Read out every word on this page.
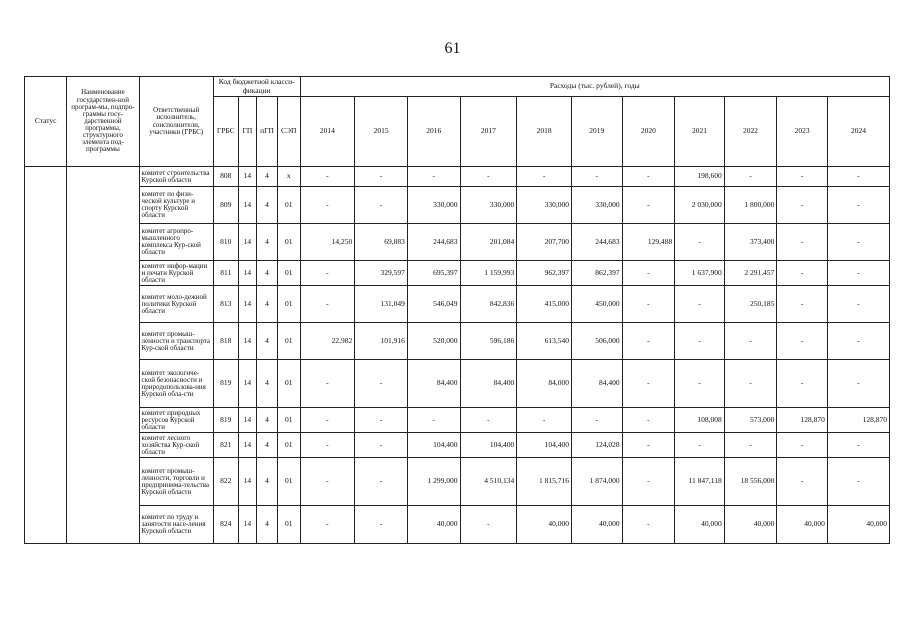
61
Статус	Наименование государствен-ной програм-мы, подпро-граммы госу-дарственной программы, структурного элемента под-программы	Ответственный исполнитель, соисполнители, участники (ГРБС)	Код бюджетной класси-фикации				Расходы (тыс. рублей), годы										
			ГРБС	ГП	пГП	СЭП	2014	2015	2016	2017	2018	2019	2020	2021	2022	2023	2024
		комитет строительства Курской области	808	14	4	х	-	-	-	-	-	-	-	198,600	-	-	-
		комитет по физи-ческой культуре и спорту Курской области	809	14	4	01	-	-	330,000	330,000	330,000	330,000	-	2 030,000	1 800,000	-	-
		комитет агропро-мышленного комплекса Кур-ской области	810	14	4	01	14,250	69,883	244,683	201,084	207,700	244,683	129,488	-	373,400	-	-
		комитет инфор-мации и печати Курской области	811	14	4	01	-	329,597	695,397	1 159,993	962,397	862,397	-	1 637,900	2 291,457	-	-
		комитет моло-дежной политики Курской области	813	14	4	01	-	131,049	546,049	842,836	415,000	450,000	-	-	250,185	-	-
		комитет промыш-ленности и транспорта Кур-ской области	818	14	4	01	22,982	101,916	520,000	596,186	613,540	506,000	-	-	-	-	-
		комитет экологиче-ской безопасности и природопользова-ния Курской обла-сти	819	14	4	01	-	-	84,400	84,400	84,000	84,400	-	-	-	-	-
		комитет природных ресурсов Курской области	819	14	4	01	-	-	-	-	-	-	-	108,008	573,000	128,870	128,870
		комитет лесного хозяйства Кур-ской области	821	14	4	01	-	-	104,400	104,400	104,400	124,028	-	-	-	-	-
		комитет промыш-ленности, торговли и предпринима-тельства Курской области	822	14	4	01	-	-	1 299,000	4 510,134	1 815,716	1 874,000	-	11 847,118	18 556,000	-	-
		комитет по труду и занятости насе-ления Курской области	824	14	4	01	-	-	40,000	-	40,000	40,000	-	40,000	40,000	40,000	40,000
